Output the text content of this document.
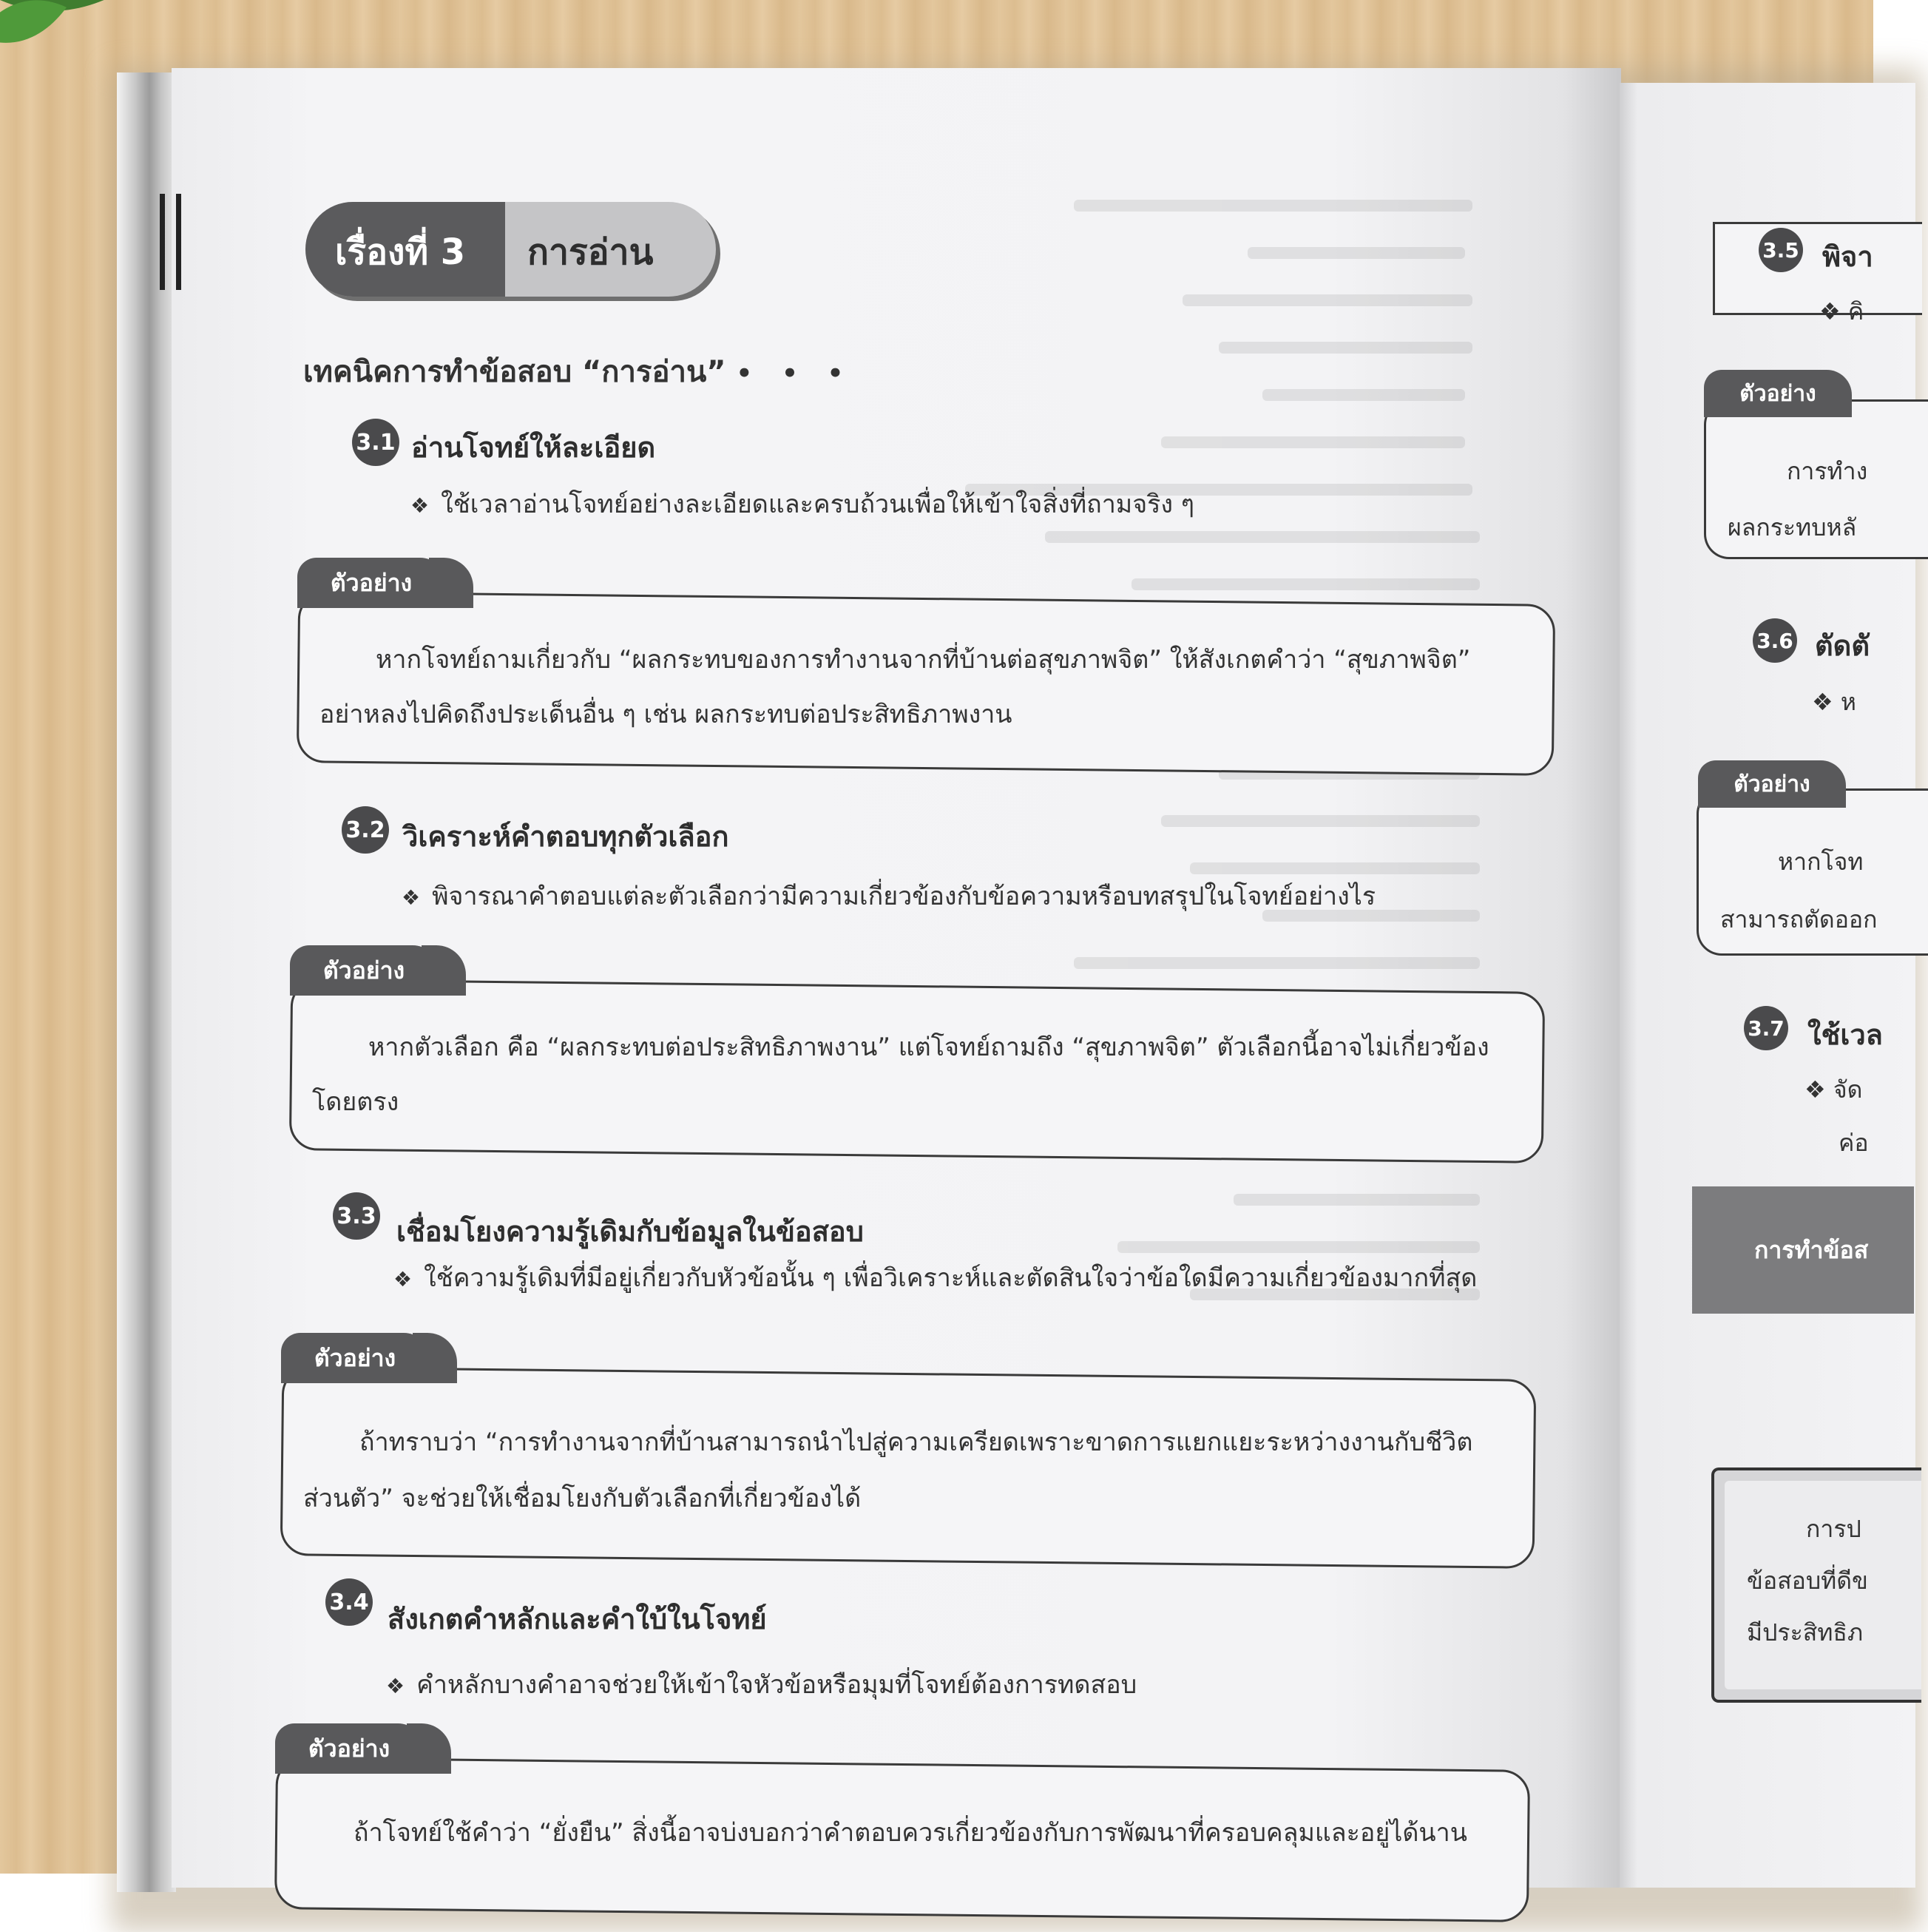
เรื่องที่ 3 การอ่าน
เทคนิคการทำข้อสอบ “การอ่าน” • • •
3.1 อ่านโจทย์ให้ละเอียด
❖ ใช้เวลาอ่านโจทย์อย่างละเอียดและครบถ้วนเพื่อให้เข้าใจสิ่งที่ถามจริง ๆ
ตัวอย่าง
หากโจทย์ถามเกี่ยวกับ “ผลกระทบของการทำงานจากที่บ้านต่อสุขภาพจิต” ให้สังเกตคำว่า “สุขภาพจิต”
อย่าหลงไปคิดถึงประเด็นอื่น ๆ เช่น ผลกระทบต่อประสิทธิภาพงาน
3.2 วิเคราะห์คำตอบทุกตัวเลือก
❖ พิจารณาคำตอบแต่ละตัวเลือกว่ามีความเกี่ยวข้องกับข้อความหรือบทสรุปในโจทย์อย่างไร
ตัวอย่าง
หากตัวเลือก คือ “ผลกระทบต่อประสิทธิภาพงาน” แต่โจทย์ถามถึง “สุขภาพจิต” ตัวเลือกนี้อาจไม่เกี่ยวข้อง
โดยตรง
3.3 เชื่อมโยงความรู้เดิมกับข้อมูลในข้อสอบ
❖ ใช้ความรู้เดิมที่มีอยู่เกี่ยวกับหัวข้อนั้น ๆ เพื่อวิเคราะห์และตัดสินใจว่าข้อใดมีความเกี่ยวข้องมากที่สุด
ตัวอย่าง
ถ้าทราบว่า “การทำงานจากที่บ้านสามารถนำไปสู่ความเครียดเพราะขาดการแยกแยะระหว่างงานกับชีวิต
ส่วนตัว” จะช่วยให้เชื่อมโยงกับตัวเลือกที่เกี่ยวข้องได้
3.4
สังเกตคำหลักและคำใบ้ในโจทย์
❖ คำหลักบางคำอาจช่วยให้เข้าใจหัวข้อหรือมุมที่โจทย์ต้องการทดสอบ
ตัวอย่าง
ถ้าโจทย์ใช้คำว่า “ยั่งยืน” สิ่งนี้อาจบ่งบอกว่าคำตอบควรเกี่ยวข้องกับการพัฒนาที่ครอบคลุมและอยู่ได้นาน
3.5 พิจา
❖ คิ
ตัวอย่าง
การทำง
ผลกระทบหลั
3.6 ตัดตั
❖ ห
ตัวอย่าง
หากโจท
สามารถตัดออก
3.7 ใช้เวล
❖ จัด
ค่อ
การทำข้อส
การป
ข้อสอบที่ดีข
มีประสิทธิภ
